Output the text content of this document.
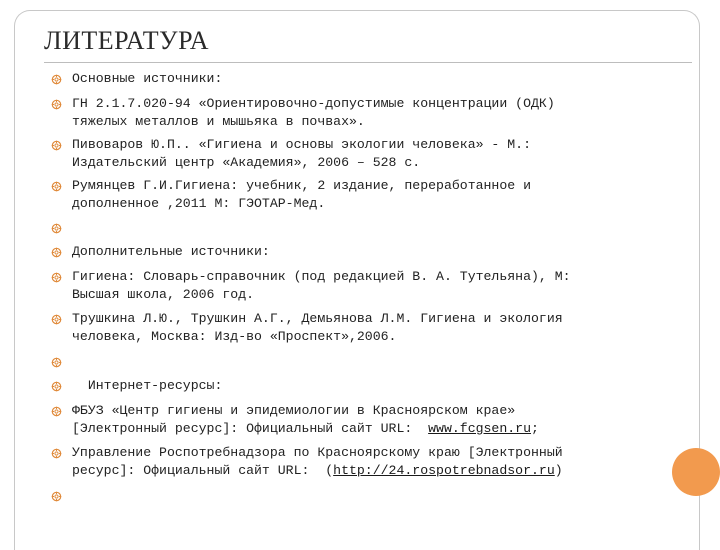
ЛИТЕРАТУРА
Основные источники:

ГН 2.1.7.020-94 «Ориентировочно-допустимые концентрации (ОДК)
тяжелых металлов и мышьяка в почвах».

Пивоваров Ю.П.. «Гигиена и основы экологии человека» - М.:
Издательский центр «Академия», 2006 – 528 с.

Румянцев Г.И.Гигиена: учебник, 2 издание, переработанное и
дополненное ,2011 М: ГЭОТАР-Мед.

Дополнительные источники:

Гигиена: Словарь-справочник (под редакцией В. А. Тутельяна), М:
Высшая школа, 2006 год.

Трушкина Л.Ю., Трушкин А.Г., Демьянова Л.М. Гигиена и экология
человека, Москва: Изд-во «Проспект»,2006.

Интернет-ресурсы:

ФБУЗ «Центр гигиены и эпидемиологии в Красноярском крае»
[Электронный ресурс]: Официальный сайт URL:  www.fcgsen.ru;
Управление Роспотребнадзора по Красноярскому краю [Электронный
ресурс]: Официальный сайт URL:  (http://24.rospotrebnadsor.ru)
